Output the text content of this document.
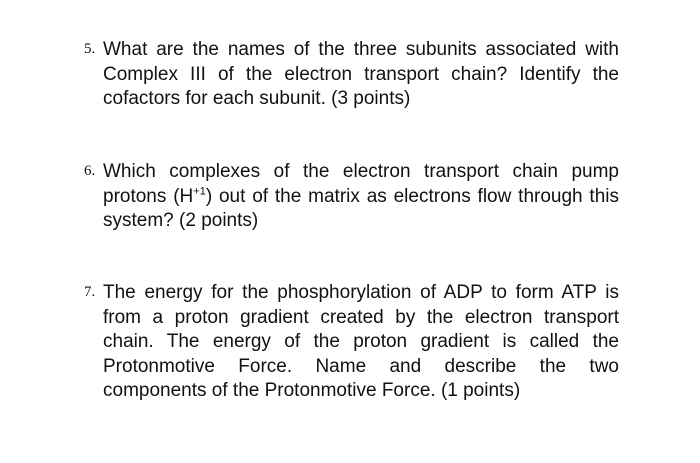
5. What are the names of the three subunits associated with Complex III of the electron transport chain? Identify the cofactors for each subunit. (3 points)
6. Which complexes of the electron transport chain pump protons $(H^{+1})$ out of the matrix as electrons flow through this system? (2 points)
7. The energy for the phosphorylation of ADP to form ATP is from a proton gradient created by the electron transport chain. The energy of the proton gradient is called the Protonmotive Force. Name and describe the two components of the Protonmotive Force. (1 points)
